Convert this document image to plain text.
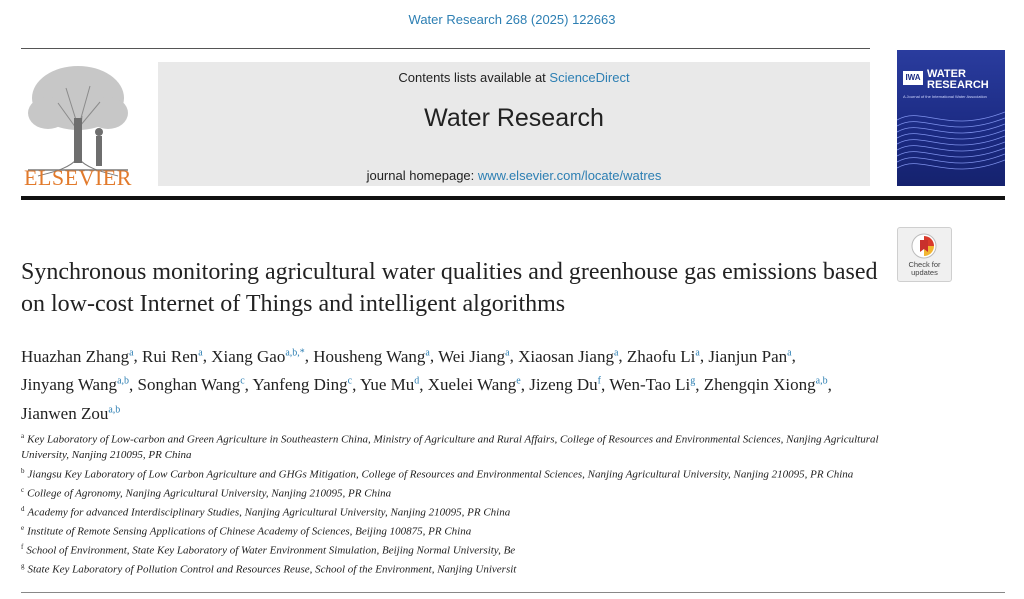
Water Research 268 (2025) 122663
ELSEVIER
Contents lists available at ScienceDirect
Water Research
journal homepage: www.elsevier.com/locate/watres
IWA WATER
RESEARCH
A Journal of the International Water Association
Check for
updates
Synchronous monitoring agricultural water qualities and greenhouse gas emissions based on low-cost Internet of Things and intelligent algorithms
Huazhan Zhang$^a$, Rui Ren$^a$, Xiang Gao$^{a,b,*}$, Housheng Wang$^a$, Wei Jiang$^a$, Xiaosan Jiang$^a$, Zhaofu Li$^a$, Jianjun Pan$^a$, Jinyang Wang$^{a,b}$, Songhan Wang$^c$, Yanfeng Ding$^c$, Yue Mu$^d$, Xuelei Wang$^e$, Jizeng Du$^f$, Wen-Tao Li$^g$, Zhengqin Xiong$^{a,b}$, Jianwen Zou$^{a,b}$
$^a$ Key Laboratory of Low-carbon and Green Agriculture in Southeastern China, Ministry of Agriculture and Rural Affairs, College of Resources and Environmental Sciences, Nanjing Agricultural University, Nanjing 210095, PR China
$^b$ Jiangsu Key Laboratory of Low Carbon Agriculture and GHGs Mitigation, College of Resources and Environmental Sciences, Nanjing Agricultural University, Nanjing 210095, PR China
$^c$ College of Agronomy, Nanjing Agricultural University, Nanjing 210095, PR China
$^d$ Academy for advanced Interdisciplinary Studies, Nanjing Agricultural University, Nanjing 210095, PR China
$^e$ Institute of Remote Sensing Applications of Chinese Academy of Sciences, Beijing 100875, PR China
$^f$ School of Environment, State Key Laboratory of Water Environment Simulation, Beijing Normal University, Be
$^g$ State Key Laboratory of Pollution Control and Resources Reuse, School of the Environment, Nanjing Universit
